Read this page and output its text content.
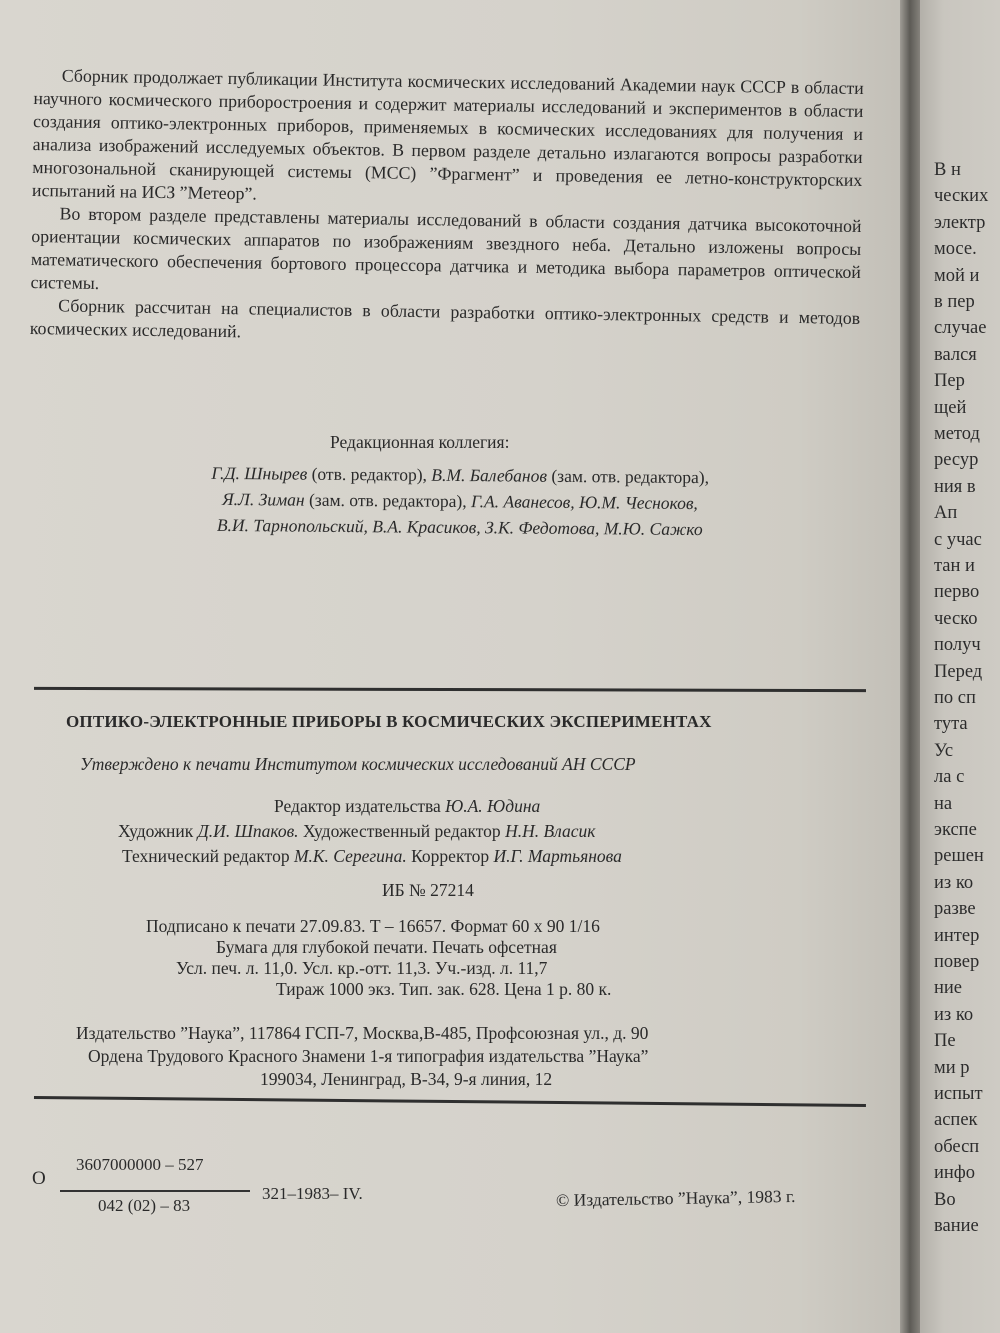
Сборник продолжает публикации Института космических исследований Академии наук СССР в области научного космического приборостроения и содержит материалы исследований и экспериментов в области создания оптико-электронных приборов, применяемых в космических исследованиях для получения и анализа изображений исследуемых объектов. В первом разделе детально излагаются вопросы разработки многозональной сканирующей системы (МСС) ”Фрагмент” и проведения ее летно-конструкторских испытаний на ИСЗ ”Метеор”.

Во втором разделе представлены материалы исследований в области создания датчика высокоточной ориентации космических аппаратов по изображениям звездного неба. Детально изложены вопросы математического обеспечения бортового процессора датчика и методика выбора параметров оптической системы.

Сборник рассчитан на специалистов в области разработки оптико-электронных средств и методов космических исследований.

Редакционная коллегия:
Г.Д. Шнырев (отв. редактор), В.М. Балебанов (зам. отв. редактора),
Я.Л. Зиман (зам. отв. редактора), Г.А. Аванесов, Ю.М. Чесноков,
В.И. Тарнопольский, В.А. Красиков, З.К. Федотова, М.Ю. Сажко
ОПТИКО-ЭЛЕКТРОННЫЕ ПРИБОРЫ В КОСМИЧЕСКИХ ЭКСПЕРИМЕНТАХ
Утверждено к печати Институтом космических исследований АН СССР
Редактор издательства Ю.А. Юдина
Художник Д.И. Шпаков. Художественный редактор Н.Н. Власик
Технический редактор М.К. Серегина. Корректор И.Г. Мартьянова
ИБ № 27214
Подписано к печати 27.09.83. Т – 16657. Формат 60 х 90 1/16
Бумага для глубокой печати. Печать офсетная
Усл. печ. л. 11,0. Усл. кр.-отт. 11,3. Уч.-изд. л. 11,7
Тираж 1000 экз. Тип. зак. 628. Цена 1 р. 80 к.
Издательство ”Наука”, 117864 ГСП-7, Москва,В-485, Профсоюзная ул., д. 90
Ордена Трудового Красного Знамени 1-я типография издательства ”Наука”
199034, Ленинград, В-34, 9-я линия, 12
О
3607000000 – 527
042 (02) – 83
321–1983– IV.	© Издательство ”Наука”, 1983 г.
В н
ческих
электр
мосе.
мой и
в пер
случае
вался
Пер
щей
метод
ресур
ния в
Ап
с учас
тан и
перво
ческо
получ
Перед
по сп
тута
Ус
ла с
на
экспе
решен
из ко
разве
интер
повер
ние
из ко
Пе
ми р
испыт
аспек
обесп
инфо
Во
вание
